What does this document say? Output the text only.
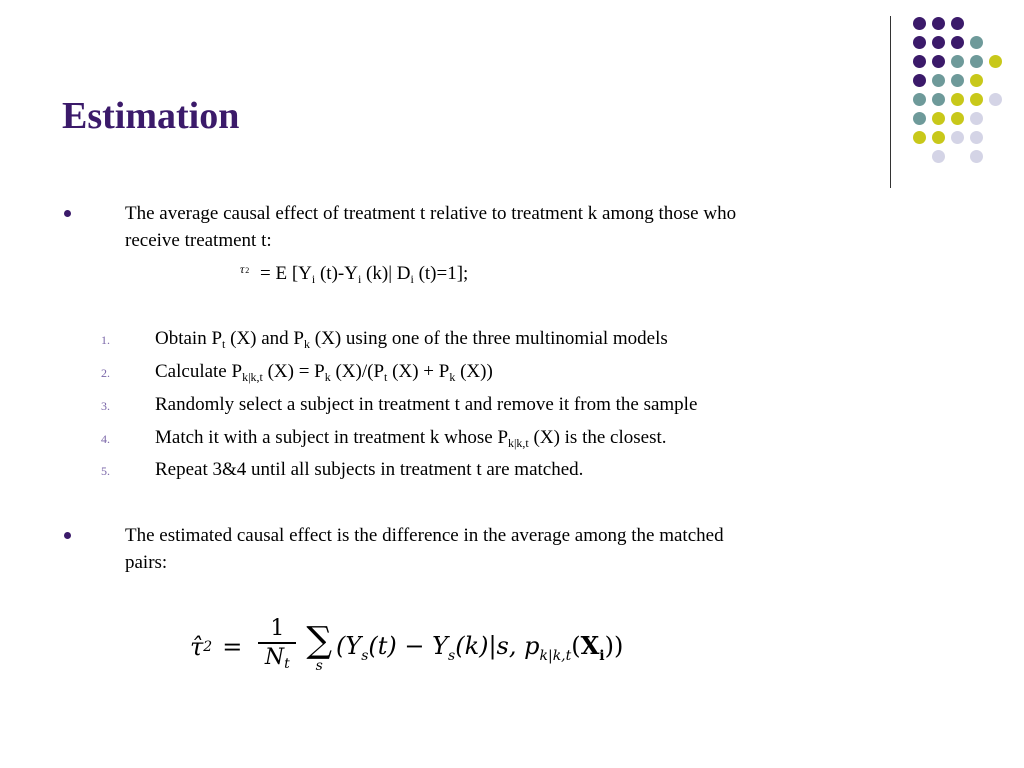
Estimation
The average causal effect of treatment t relative to treatment k among those who
receive treatment t:
τ2 = E [$Y_i$ $(t)-Y_i$ (k)| $D_i$ (t)=1];
1. Obtain $P_t$ (X) and $P_k$ (X) using one of the three multinomial models
2. Calculate $P_{k|k,t}$ $(X) = P_k$ $(X)/(P_t$ $(X) + P_k$ (X))
3. Randomly select a subject in treatment t and remove it from the sample
4. Match it with a subject in treatment k whose $P_{k|k,t}$ (X) is the closest.
5. Repeat 3&4 until all subjects in treatment t are matched.
The estimated causal effect is the difference in the average among the matched
pairs:
τ̂ $2 = \frac{1}{Nt}$ ∑
s
($Y_s(t) - Y_s(k)|s$, $p_{k|k,t}(X_i)$)
